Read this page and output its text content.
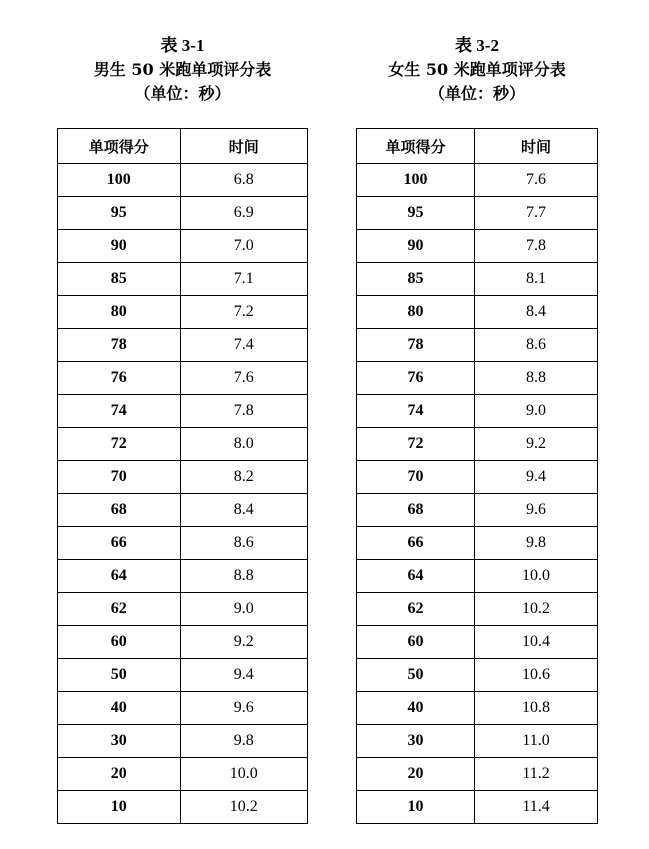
表 3-1
男生 50 米跑单项评分表
（单位：秒）
单项得分	时间
100	6.8
95	6.9
90	7.0
85	7.1
80	7.2
78	7.4
76	7.6
74	7.8
72	8.0
70	8.2
68	8.4
66	8.6
64	8.8
62	9.0
60	9.2
50	9.4
40	9.6
30	9.8
20	10.0
10	10.2
表 3-2
女生 50 米跑单项评分表
（单位：秒）
单项得分	时间
100	7.6
95	7.7
90	7.8
85	8.1
80	8.4
78	8.6
76	8.8
74	9.0
72	9.2
70	9.4
68	9.6
66	9.8
64	10.0
62	10.2
60	10.4
50	10.6
40	10.8
30	11.0
20	11.2
10	11.4
